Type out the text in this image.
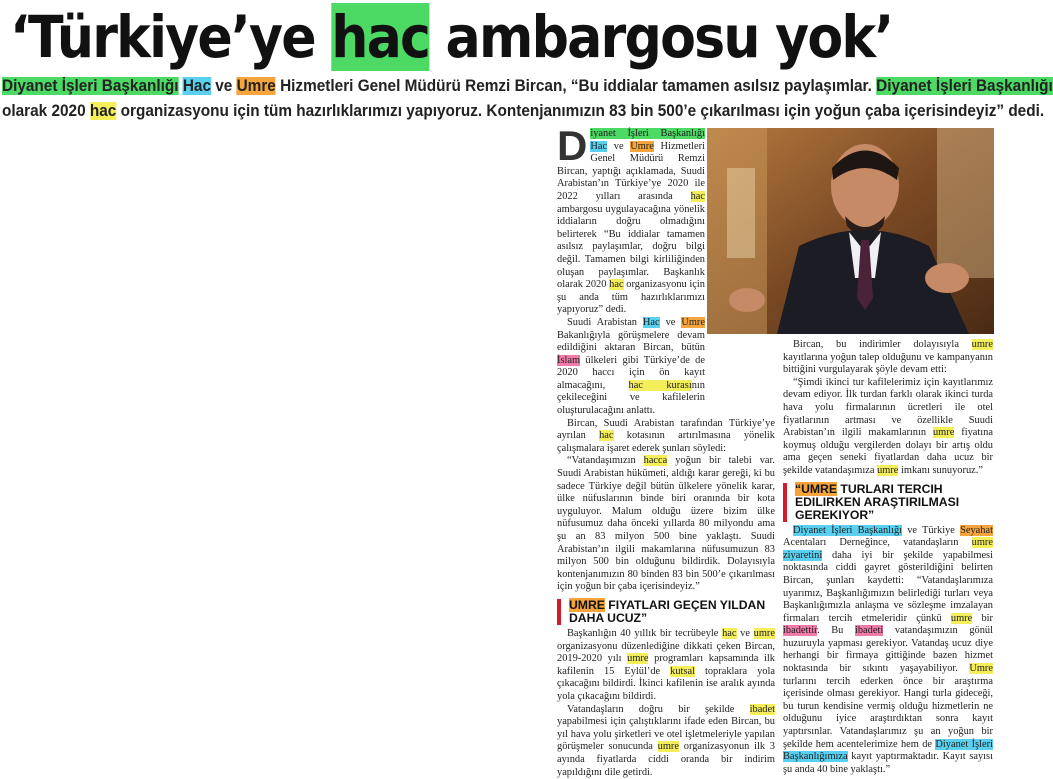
‘Türkiye’ye hac ambargosu yok’
Diyanet İşleri Başkanlığı Hac ve Umre Hizmetleri Genel Müdürü Remzi Bircan, “Bu iddialar tamamen asılsız paylaşımlar. Diyanet İşleri Başkanlığı
olarak 2020 hac organizasyonu için tüm hazırlıklarımızı yapıyoruz. Kontenjanımızın 83 bin 500’e çıkarılması için yoğun çaba içerisindeyiz” dedi.

Diyanet İşleri Başkanlığı Hac ve Umre Hizmetleri Genel Müdürü Remzi Bircan, yaptığı açıklamada, Suudi Arabistan’ın Türkiye’ye 2020 ile 2022 yılları arasında hac ambargosu uygulayacağına yönelik iddiaların doğru olmadığını belirterek “Bu iddialar tamamen asılsız paylaşımlar, doğru bilgi değil. Tamamen bilgi kirliliğinden oluşan paylaşımlar. Başkanlık olarak 2020 hac organizasyonu için şu anda tüm hazırlıklarımızı yapıyoruz” dedi.

Suudi Arabistan Hac ve Umre Bakanlığıyla görüşmelere devam edildiğini aktaran Bircan, bütün İslam ülkeleri gibi Türkiye’de de 2020 haccı için ön kayıt almacağını, hac kurasının çekileceğini ve kafilelerin oluşturulacağını anlattı.

Bircan, Suudi Arabistan tarafından Türkiye’ye ayrılan hac kotasının artırılmasına yönelik çalışmalara işaret ederek şunları söyledi:

“Vatandaşımızın hacca yoğun bir talebi var. Suudi Arabistan hükümeti, aldığı karar gereği, ki bu sadece Türkiye değil bütün ülkelere yönelik karar, ülke nüfuslarının binde biri oranında bir kota uyguluyor. Malum olduğu üzere bizim ülke nüfusumuz daha önceki yıllarda 80 milyondu ama şu an 83 milyon 500 bine yaklaştı. Suudi Arabistan’ın ilgili makamlarına nüfusumuzun 83 milyon 500 bin olduğunu bildirdik. Dolayısıyla kontenjanımızın 80 binden 83 bin 500’e çıkarılması için yoğun bir çaba içerisindeyiz.”

UMRE FIYATLARI GEÇEN YILDAN DAHA UCUZ”

Başkanlığın 40 yıllık bir tecrübeyle hac ve umre organizasyonu düzenlediğine dikkati çeken Bircan, 2019-2020 yılı umre programları kapsamında ilk kafilenin 15 Eylül’de kutsal topraklara yola çıkacağını bildirdi. İkinci kafilenin ise aralık ayında yola çıkacağını bildirdi.

Vatandaşların doğru bir şekilde ibadet yapabilmesi için çalıştıklarını ifade eden Bircan, bu yıl hava yolu şirketleri ve otel işletmeleriyle yapılan görüşmeler sonucunda umre organizasyonun ilk 3 ayında fiyatlarda ciddi oranda bir indirim yapıldığını dile getirdi.

Bircan, bu indirimler dolayısıyla umre kayıtlarına yoğun talep olduğunu ve kampanyanın bittiğini vurgulayarak şöyle devam etti:

“Şimdi ikinci tur kafilelerimiz için kayıtlarımız devam ediyor. İlk turdan farklı olarak ikinci turda hava yolu firmalarının ücretleri ile otel fiyatlarının artması ve özellikle Suudi Arabistan’ın ilgili makamlarının umre fiyatına koymuş olduğu vergilerden dolayı bir artış oldu ama geçen seneki fiyatlardan daha ucuz bir şekilde vatandaşımıza umre imkanı sunuyoruz.”

“UMRE TURLARI TERCIH EDILIRKEN ARAŞTIRILMASI GEREKIYOR”

Diyanet İşleri Başkanlığı ve Türkiye Seyahat Acentaları Derneğince, vatandaşların umre ziyaretini daha iyi bir şekilde yapabilmesi noktasında ciddi gayret gösterildiğini belirten Bircan, şunları kaydetti: “Vatandaşlarımıza uyarımız, Başkanlığımızın belirlediği turları veya Başkanlığımızla anlaşma ve sözleşme imzalayan firmaları tercih etmeleridir çünkü umre bir ibadettir. Bu ibadeti vatandaşımızın gönül huzuruyla yapması gerekiyor. Vatandaş ucuz diye herhangi bir firmaya gittiğinde bazen hizmet noktasında bir sıkıntı yaşayabiliyor. Umre turlarını tercih ederken önce bir araştırma içerisinde olması gerekiyor. Hangi turla gideceği, bu turun kendisine vermiş olduğu hizmetlerin ne olduğunu iyice araştırdıktan sonra kayıt yaptırsınlar. Vatandaşlarımız şu an yoğun bir şekilde hem acentelerimize hem de Diyanet İşleri Başkanlığımıza kayıt yaptırmaktadır. Kayıt sayısı şu anda 40 bine yaklaştı.”
